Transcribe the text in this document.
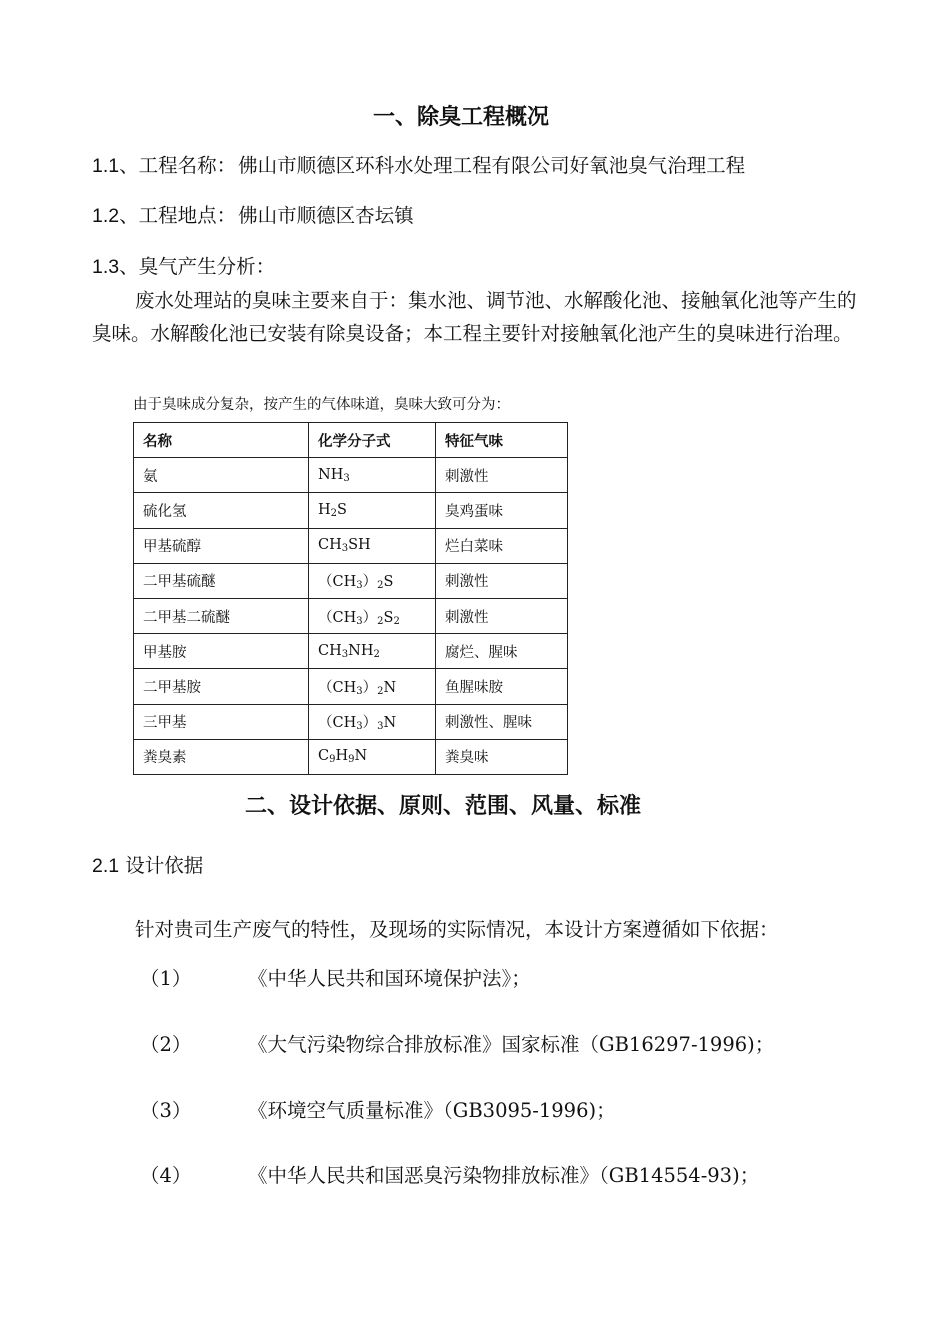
一、除臭工程概况
1.1、工程名称： 佛山市顺德区环科水处理工程有限公司好氧池臭气治理工程
1.2、工程地点： 佛山市顺德区杏坛镇
1.3、臭气产生分析：
废水处理站的臭味主要来自于：集水池、调节池、水解酸化池、接触氧化池等产生的臭味。水解酸化池已安装有除臭设备；本工程主要针对接触氧化池产生的臭味进行治理。
由于臭味成分复杂，按产生的气体味道，臭味大致可分为：
名称	化学分子式	特征气味
氨	$NH_3$	刺激性
硫化氢	$H_2S$	臭鸡蛋味
甲基硫醇	$CH_3SH$	烂白菜味
二甲基硫醚	$(CH_3)_2S$	刺激性
二甲基二硫醚	$(CH_3)_2S_2$	刺激性
甲基胺	$CH_3NH_2$	腐烂、腥味
二甲基胺	$(CH_3)_2N$	鱼腥味胺
三甲基	$(CH_3)_3N$	刺激性、腥味
粪臭素	$C_9H_9N$	粪臭味
二、设计依据、原则、范围、风量、标准
2.1 设计依据
针对贵司生产废气的特性，及现场的实际情况，本设计方案遵循如下依据：
（1）	《中华人民共和国环境保护法》；
（2）	《大气污染物综合排放标准》国家标准（GB16297-1996)；
（3）	《环境空气质量标准》（GB3095-1996)；
（4）	《中华人民共和国恶臭污染物排放标准》（GB14554-93)；
